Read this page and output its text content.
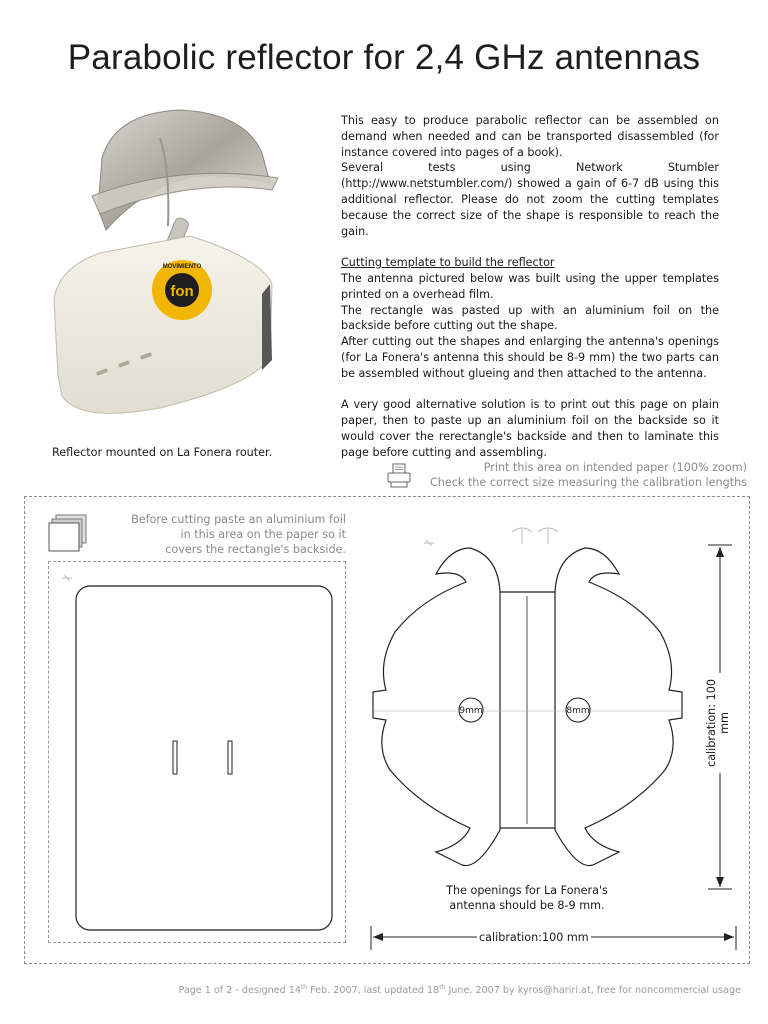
Parabolic reflector for 2,4 GHz antennas
fon
MOVIMIENTO

This easy to produce parabolic reflector can be assembled on demand when needed and can be transported disassembled (for instance covered into pages of a book).

Several tests using Network Stumbler (http://www.netstumbler.com/) showed a gain of 6-7 dB using this additional reflector. Please do not zoom the cutting templates because the correct size of the shape is responsible to reach the gain.

Cutting template to build the reflector

The antenna pictured below was built using the upper templates printed on a overhead film.

The rectangle was pasted up with an aluminium foil on the backside before cutting out the shape.

After cutting out the shapes and enlarging the antenna's openings (for La Fonera's antenna this should be 8-9 mm) the two parts can be assembled without glueing and then attached to the antenna.

A very good alternative solution is to print out this page on plain paper, then to paste up an aluminium foil on the backside so it would cover the rerectangle's backside and then to laminate this page before cutting and assembling.

Reflector mounted on La Fonera router.
Print this area on intended paper (100% zoom)
Check the correct size measuring the calibration lengths

Before cutting paste an aluminium foil

in this area on the paper so it

covers the rectangle's backside.

9mm	8mm

The openings for La Fonera's

antenna should be 8-9 mm.

calibration:100 mm
calibration: 100 mm
Page 1 of 2 - designed 14th Feb. 2007, last updated 18th June, 2007 by kyros@hariri.at, free for noncommercial usage
